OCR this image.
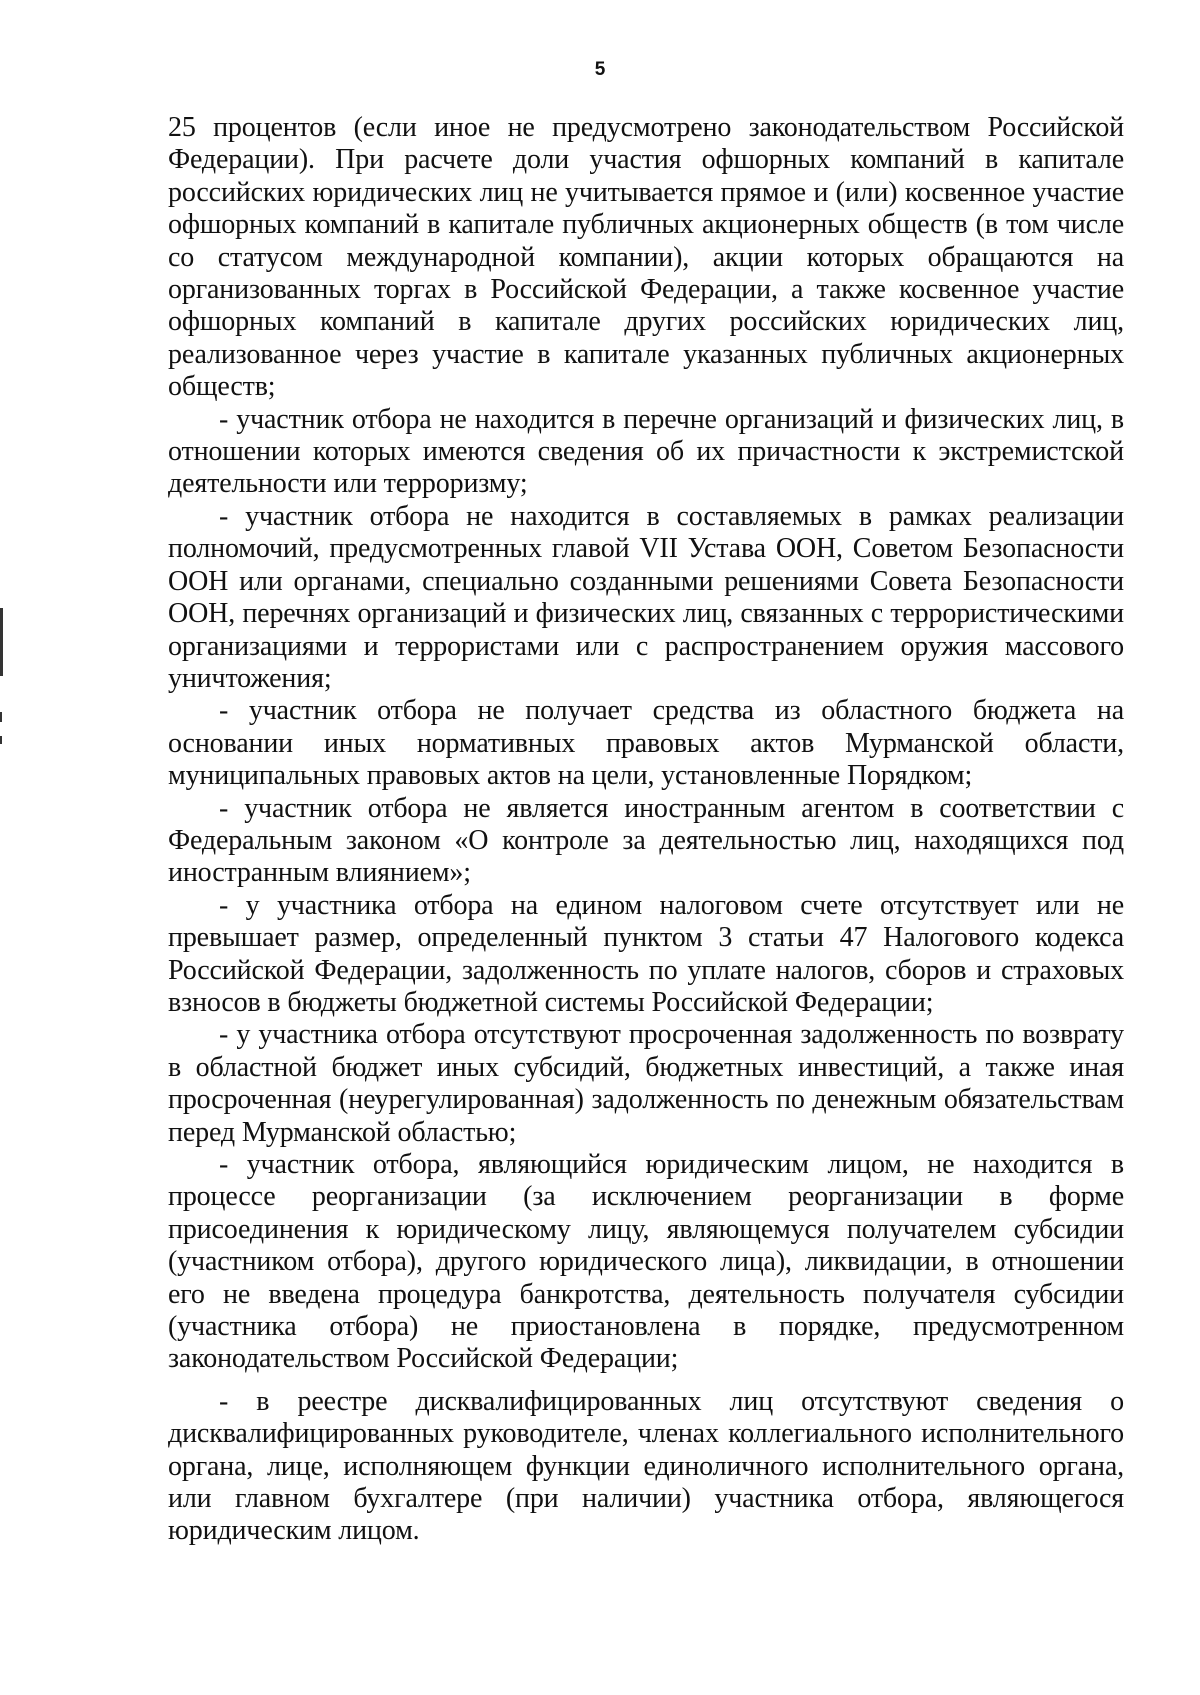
5

25 процентов (если иное не предусмотрено законодательством Российской Федерации). При расчете доли участия офшорных компаний в капитале российских юридических лиц не учитывается прямое и (или) косвенное участие офшорных компаний в капитале публичных акционерных обществ (в том числе со статусом международной компании), акции которых обращаются на организованных торгах в Российской Федерации, а также косвенное участие офшорных компаний в капитале других российских юридических лиц, реализованное через участие в капитале указанных публичных акционерных обществ;

- участник отбора не находится в перечне организаций и физических лиц, в отношении которых имеются сведения об их причастности к экстремистской деятельности или терроризму;

- участник отбора не находится в составляемых в рамках реализации полномочий, предусмотренных главой VII Устава ООН, Советом Безопасности ООН или органами, специально созданными решениями Совета Безопасности ООН, перечнях организаций и физических лиц, связанных с террористическими организациями и террористами или с распространением оружия массового уничтожения;

- участник отбора не получает средства из областного бюджета на основании иных нормативных правовых актов Мурманской области, муниципальных правовых актов на цели, установленные Порядком;

- участник отбора не является иностранным агентом в соответствии с Федеральным законом «О контроле за деятельностью лиц, находящихся под иностранным влиянием»;

- у участника отбора на едином налоговом счете отсутствует или не превышает размер, определенный пунктом 3 статьи 47 Налогового кодекса Российской Федерации, задолженность по уплате налогов, сборов и страховых взносов в бюджеты бюджетной системы Российской Федерации;

- у участника отбора отсутствуют просроченная задолженность по возврату в областной бюджет иных субсидий, бюджетных инвестиций, а также иная просроченная (неурегулированная) задолженность по денежным обязательствам перед Мурманской областью;

- участник отбора, являющийся юридическим лицом, не находится в процессе реорганизации (за исключением реорганизации в форме присоединения к юридическому лицу, являющемуся получателем субсидии (участником отбора), другого юридического лица), ликвидации, в отношении его не введена процедура банкротства, деятельность получателя субсидии (участника отбора) не приостановлена в порядке, предусмотренном законодательством Российской Федерации;

- в реестре дисквалифицированных лиц отсутствуют сведения о дисквалифицированных руководителе, членах коллегиального исполнительного органа, лице, исполняющем функции единоличного исполнительного органа, или главном бухгалтере (при наличии) участника отбора, являющегося юридическим лицом.
